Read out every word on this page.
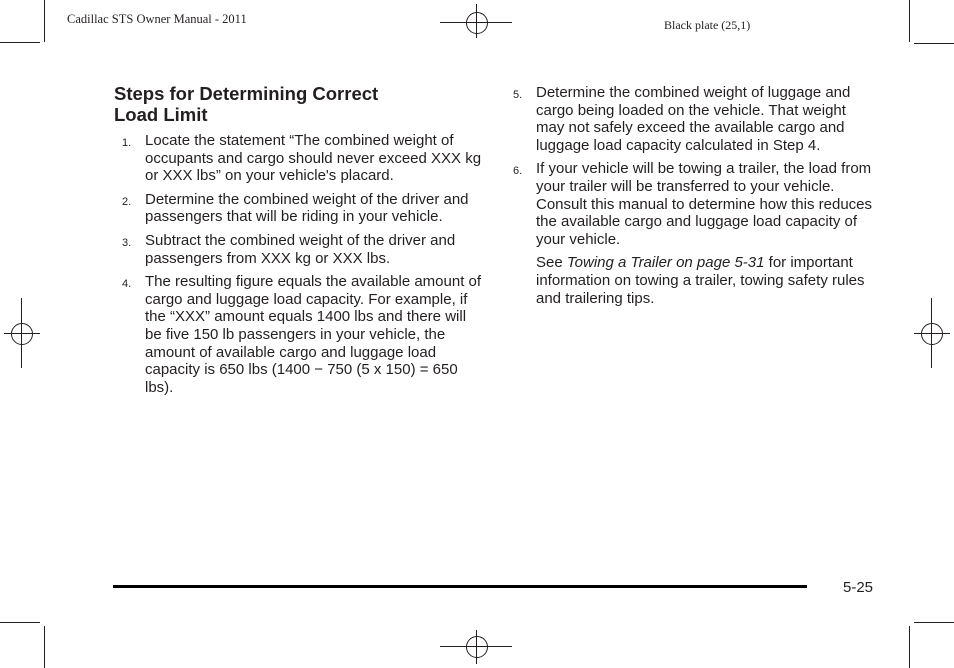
Cadillac STS Owner Manual - 2011	Black plate (25,1)
Steps for Determining Correct
Load Limit
1. Locate the statement “The combined weight of occupants and cargo should never exceed XXX kg or XXX lbs” on your vehicle's placard.
2. Determine the combined weight of the driver and passengers that will be riding in your vehicle.
3. Subtract the combined weight of the driver and passengers from XXX kg or XXX lbs.
4. The resulting figure equals the available amount of cargo and luggage load capacity. For example, if the “XXX” amount equals 1400 lbs and there will be five 150 lb passengers in your vehicle, the amount of available cargo and luggage load capacity is 650 lbs (1400 − 750 (5 x 150) = 650 lbs).
5. Determine the combined weight of luggage and cargo being loaded on the vehicle. That weight may not safely exceed the available cargo and luggage load capacity calculated in Step 4.
6. If your vehicle will be towing a trailer, the load from your trailer will be transferred to your vehicle. Consult this manual to determine how this reduces the available cargo and luggage load capacity of your vehicle.
See Towing a Trailer on page 5-31 for important information on towing a trailer, towing safety rules and trailering tips.
5-25
